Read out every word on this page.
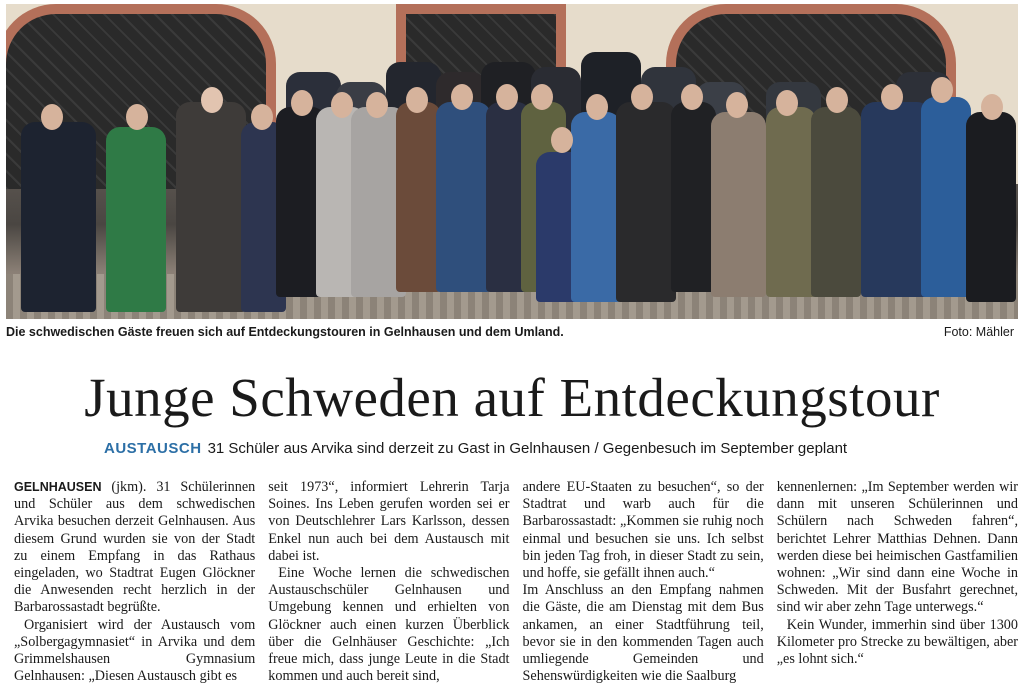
Die schwedischen Gäste freuen sich auf Entdeckungstouren in Gelnhausen und dem Umland.	Foto: Mähler
Junge Schweden auf Entdeckungstour
AUSTAUSCH 31 Schüler aus Arvika sind derzeit zu Gast in Gelnhausen / Gegenbesuch im September geplant

GELNHAUSEN (jkm). 31 Schülerinnen und Schüler aus dem schwedischen Arvika besuchen derzeit Gelnhausen. Aus diesem Grund wurden sie von der Stadt zu einem Empfang in das Rathaus eingeladen, wo Stadtrat Eugen Glöckner die Anwesenden recht herzlich in der Barbarossastadt begrüßte.

Organisiert wird der Austausch vom „Solbergagymnasiet“ in Arvika und dem Grimmelshausen Gymnasium Gelnhausen: „Diesen Austausch gibt es

seit 1973“, informiert Lehrerin Tarja Soines. Ins Leben gerufen worden sei er von Deutschlehrer Lars Karlsson, dessen Enkel nun auch bei dem Austausch mit dabei ist.

Eine Woche lernen die schwedischen Austauschschüler Gelnhausen und Umgebung kennen und erhielten von Glöckner auch einen kurzen Überblick über die Gelnhäuser Geschichte: „Ich freue mich, dass junge Leute in die Stadt kommen und auch bereit sind,

andere EU-Staaten zu besuchen“, so der Stadtrat und warb auch für die Barbarossastadt: „Kommen sie ruhig noch einmal und besuchen sie uns. Ich selbst bin jeden Tag froh, in dieser Stadt zu sein, und hoffe, sie gefällt ihnen auch.“

Im Anschluss an den Empfang nahmen die Gäste, die am Dienstag mit dem Bus ankamen, an einer Stadtführung teil, bevor sie in den kommenden Tagen auch umliegende Gemeinden und Sehenswürdigkeiten wie die Saalburg

kennenlernen: „Im September werden wir dann mit unseren Schülerinnen und Schülern nach Schweden fahren“, berichtet Lehrer Matthias Dehnen. Dann werden diese bei heimischen Gastfamilien wohnen: „Wir sind dann eine Woche in Schweden. Mit der Busfahrt gerechnet, sind wir aber zehn Tage unterwegs.“

Kein Wunder, immerhin sind über 1300 Kilometer pro Strecke zu bewältigen, aber „es lohnt sich.“
